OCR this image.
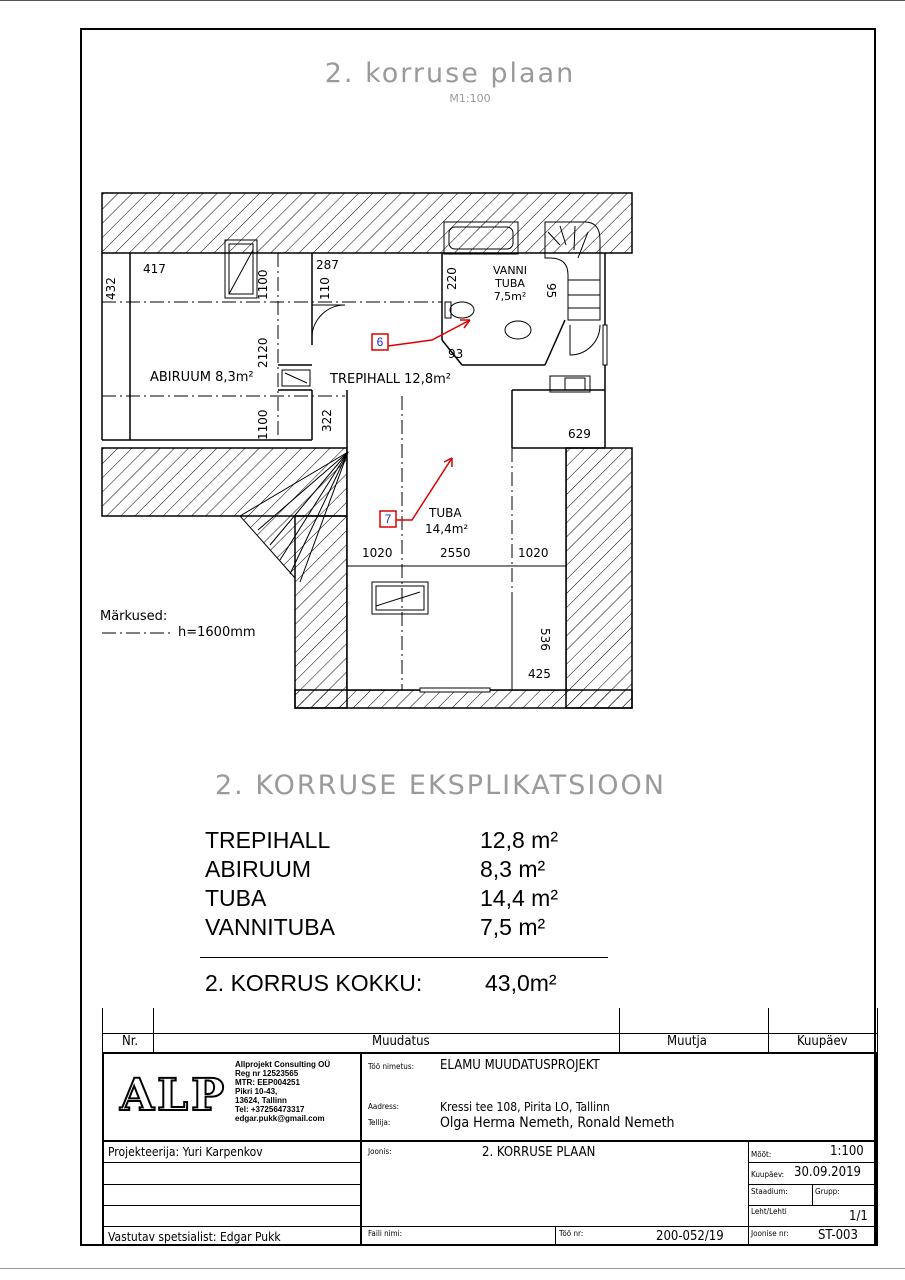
2. korruse plaan
M1:100
6
7
ABIRUUM 8,3m²	TREPIHALL 12,8m²
VANNI
TUBA
7,5m²
TUBA
14,4m²
417
432	1100
287
110	220
95
2120	93
1100	322
629
1020	2550	1020
536
425
Märkused:
h=1600mm
2. KORRUSE EKSPLIKATSIOON
TREPIHALL	12,8 m²
ABIRUUM	8,3 m²
TUBA	14,4 m²
VANNITUBA	7,5 m²
2. KORRUS KOKKU:	43,0m²
Nr.	Muudatus	Muutja	Kuupäev
ALP
Allprojekt Consulting OÜ
Reg nr 12523565
MTR: EEP004251
Pikri 10-43,
13624, Tallinn
Tel: +37256473317
edgar.pukk@gmail.com
Töö nimetus: ELAMU MUUDATUSPROJEKT
Aadress:	Kressi tee 108, Pirita LO, Tallinn
Tellija:	Olga Herma Nemeth, Ronald Nemeth
Projekteerija: Yuri Karpenkov	Joonis:	2. KORRUSE PLAAN	Mõõt:	1:100
Kuupäev: 30.09.2019
Staadium:	Grupp:
Leht/Lehti	1/1
Vastutav spetsialist: Edgar Pukk	Faili nimi:	Töö nr:	200-052/19	Joonise nr: ST-003
